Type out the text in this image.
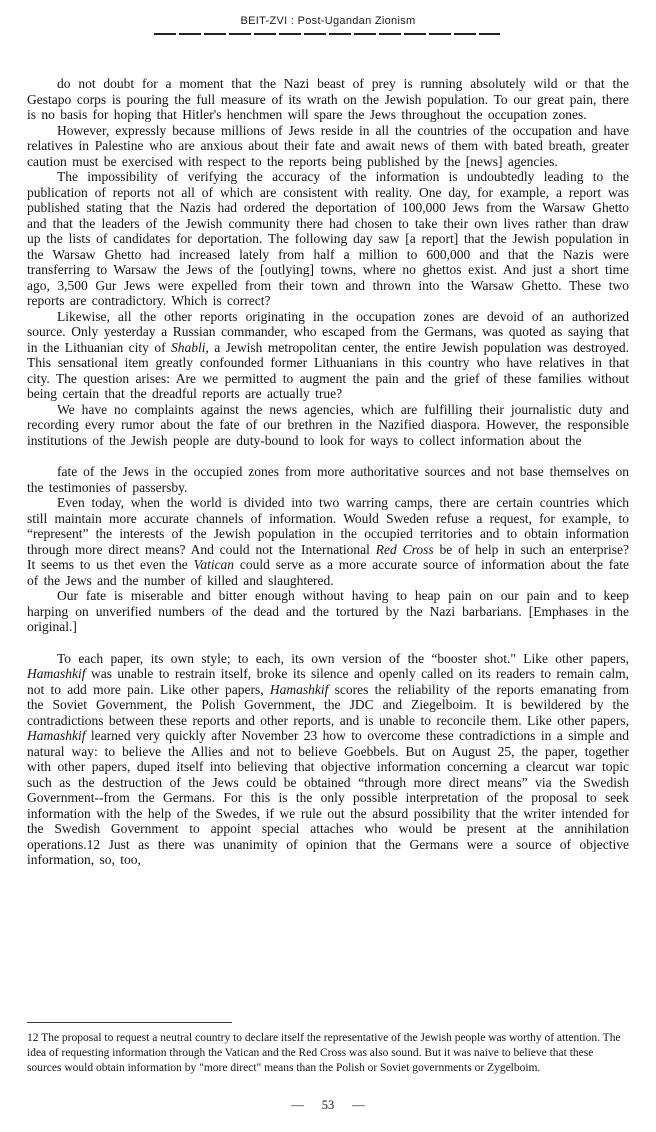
BEIT-ZVI : Post-Ugandan Zionism

do not doubt for a moment that the Nazi beast of prey is running absolutely wild or that the Gestapo corps is pouring the full measure of its wrath on the Jewish population. To our great pain, there is no basis for hoping that Hitler's henchmen will spare the Jews throughout the occupation zones.

However, expressly because millions of Jews reside in all the countries of the occupation and have relatives in Palestine who are anxious about their fate and await news of them with bated breath, greater caution must be exercised with respect to the reports being published by the [news] agencies.

The impossibility of verifying the accuracy of the information is undoubtedly leading to the publication of reports not all of which are consistent with reality. One day, for example, a report was published stating that the Nazis had ordered the deportation of 100,000 Jews from the Warsaw Ghetto and that the leaders of the Jewish community there had chosen to take their own lives rather than draw up the lists of candidates for deportation. The following day saw [a report] that the Jewish population in the Warsaw Ghetto had increased lately from half a million to 600,000 and that the Nazis were transferring to Warsaw the Jews of the [outlying] towns, where no ghettos exist. And just a short time ago, 3,500 Gur Jews were expelled from their town and thrown into the Warsaw Ghetto. These two reports are contradictory. Which is correct?

Likewise, all the other reports originating in the occupation zones are devoid of an authorized source. Only yesterday a Russian commander, who escaped from the Germans, was quoted as saying that in the Lithuanian city of Shabli, a Jewish metropolitan center, the entire Jewish population was destroyed. This sensational item greatly confounded former Lithuanians in this country who have relatives in that city. The question arises: Are we permitted to augment the pain and the grief of these families without being certain that the dreadful reports are actually true?

We have no complaints against the news agencies, which are fulfilling their journalistic duty and recording every rumor about the fate of our brethren in the Nazified diaspora. However, the responsible institutions of the Jewish people are duty-bound to look for ways to collect information about the

fate of the Jews in the occupied zones from more authoritative sources and not base themselves on the testimonies of passersby.

Even today, when the world is divided into two warring camps, there are certain countries which still maintain more accurate channels of information. Would Sweden refuse a request, for example, to “represent” the interests of the Jewish population in the occupied territories and to obtain information through more direct means? And could not the International Red Cross be of help in such an enterprise? It seems to us thet even the Vatican could serve as a more accurate source of information about the fate of the Jews and the number of killed and slaughtered.

Our fate is miserable and bitter enough without having to heap pain on our pain and to keep harping on unverified numbers of the dead and the tortured by the Nazi barbarians. [Emphases in the original.]

To each paper, its own style; to each, its own version of the “booster shot." Like other papers, Hamashkif was unable to restrain itself, broke its silence and openly called on its readers to remain calm, not to add more pain. Like other papers, Hamashkif scores the reliability of the reports emanating from the Soviet Government, the Polish Government, the JDC and Ziegelboim. It is bewildered by the contradictions between these reports and other reports, and is unable to reconcile them. Like other papers, Hamashkif learned very quickly after November 23 how to overcome these contradictions in a simple and natural way: to believe the Allies and not to believe Goebbels. But on August 25, the paper, together with other papers, duped itself into believing that objective information concerning a clearcut war topic such as the destruction of the Jews could be obtained “through more direct means” via the Swedish Government--from the Germans. For this is the only possible interpretation of the proposal to seek information with the help of the Swedes, if we rule out the absurd possibility that the writer intended for the Swedish Government to appoint special attaches who would be present at the annihilation operations.12 Just as there was unanimity of opinion that the Germans were a source of objective information, so, too,

12 The proposal to request a neutral country to declare itself the representative of the Jewish people was worthy of attention. The idea of requesting information through the Vatican and the Red Cross was also sound. But it was naive to believe that these sources would obtain information by "more direct" means than the Polish or Soviet governments or Zygelboim.
— 53 —
